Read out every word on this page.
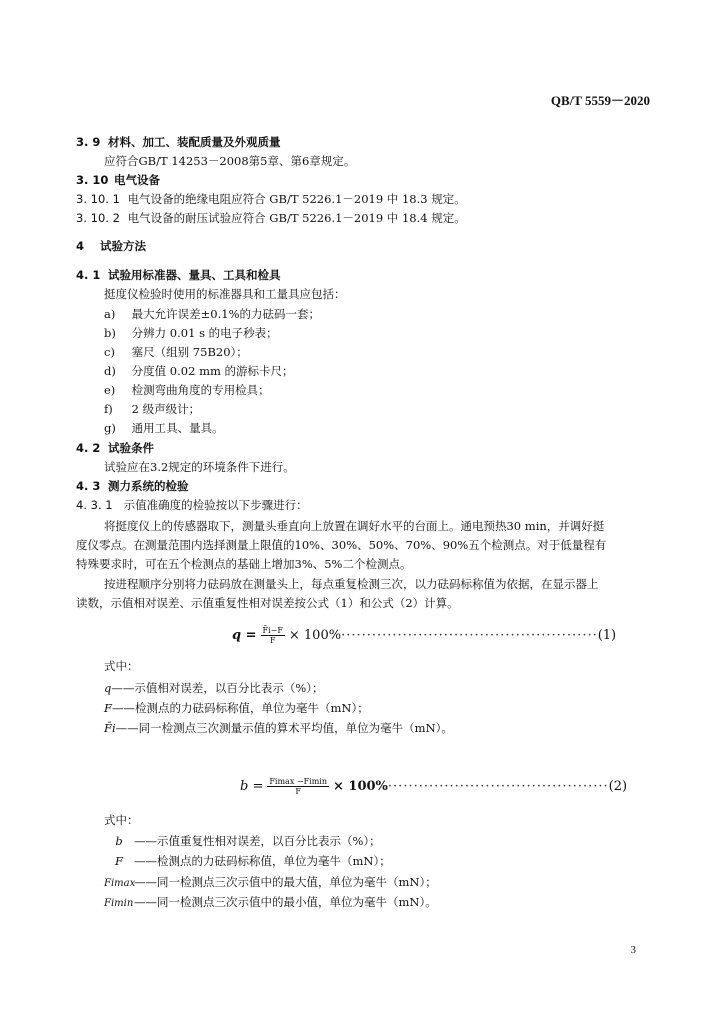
QB/T 5559－2020
3. 9 材料、加工、装配质量及外观质量
应符合GB/T 14253－2008第5章、第6章规定。
3. 10 电气设备
3. 10. 1 电气设备的绝缘电阻应符合 GB/T 5226.1－2019 中 18.3 规定。
3. 10. 2 电气设备的耐压试验应符合 GB/T 5226.1－2019 中 18.4 规定。
4 试验方法
4. 1 试验用标准器、量具、工具和检具
挺度仪检验时使用的标准器具和工量具应包括：
a) 最大允许误差±0.1%的力砝码一套；
b) 分辨力 0.01 s 的电子秒表；
c) 塞尺（组别 75B20）；
d) 分度值 0.02 mm 的游标卡尺；
e) 检测弯曲角度的专用检具；
f) 2 级声级计；
g) 通用工具、量具。
4. 2 试验条件
试验应在3.2规定的环境条件下进行。
4. 3 测力系统的检验
4. 3. 1 示值准确度的检验按以下步骤进行：
将挺度仪上的传感器取下，测量头垂直向上放置在调好水平的台面上。通电预热30 min，并调好挺
度仪零点。在测量范围内选择测量上限值的10%、30%、50%、70%、90%五个检测点。对于低量程有
特殊要求时，可在五个检测点的基础上增加3%、5%二个检测点。
按进程顺序分别将力砝码放在测量头上，每点重复检测三次，以力砝码标称值为依据，在显示器上
读数，示值相对误差、示值重复性相对误差按公式（1）和公式（2）计算。
$q = \frac{F̄i-F}{F} \times 100\%$ ·················································· (1)
式中：
q——示值相对误差，以百分比表示（%）；
F——检测点的力砝码标称值，单位为毫牛（mN）；
F̄i——同一检测点三次测量示值的算术平均值，单位为毫牛（mN）。
$b = \frac{Fimax -Fimin}{F} \times 100\%$ ··········································· (2)
式中：
b ——示值重复性相对误差，以百分比表示（%）；
F ——检测点的力砝码标称值，单位为毫牛（mN）；
Fimax——同一检测点三次示值中的最大值，单位为毫牛（mN）；
Fimin——同一检测点三次示值中的最小值，单位为毫牛（mN）。
3
